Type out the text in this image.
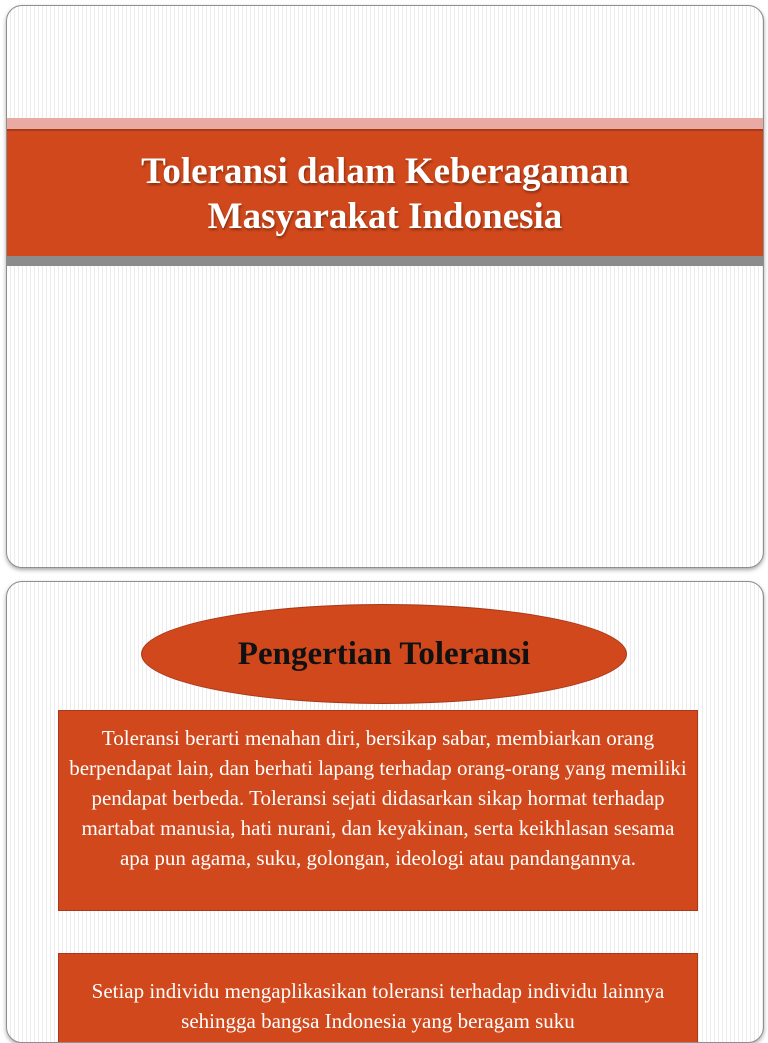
Toleransi dalam Keberagaman Masyarakat Indonesia
Pengertian Toleransi
Toleransi berarti menahan diri, bersikap sabar, membiarkan orang berpendapat lain, dan berhati lapang terhadap orang-orang yang memiliki pendapat berbeda. Toleransi sejati didasarkan sikap hormat terhadap martabat manusia, hati nurani, dan keyakinan, serta keikhlasan sesama apa pun agama, suku, golongan, ideologi atau pandangannya.
Setiap individu mengaplikasikan toleransi terhadap individu lainnya sehingga bangsa Indonesia yang beragam suku
